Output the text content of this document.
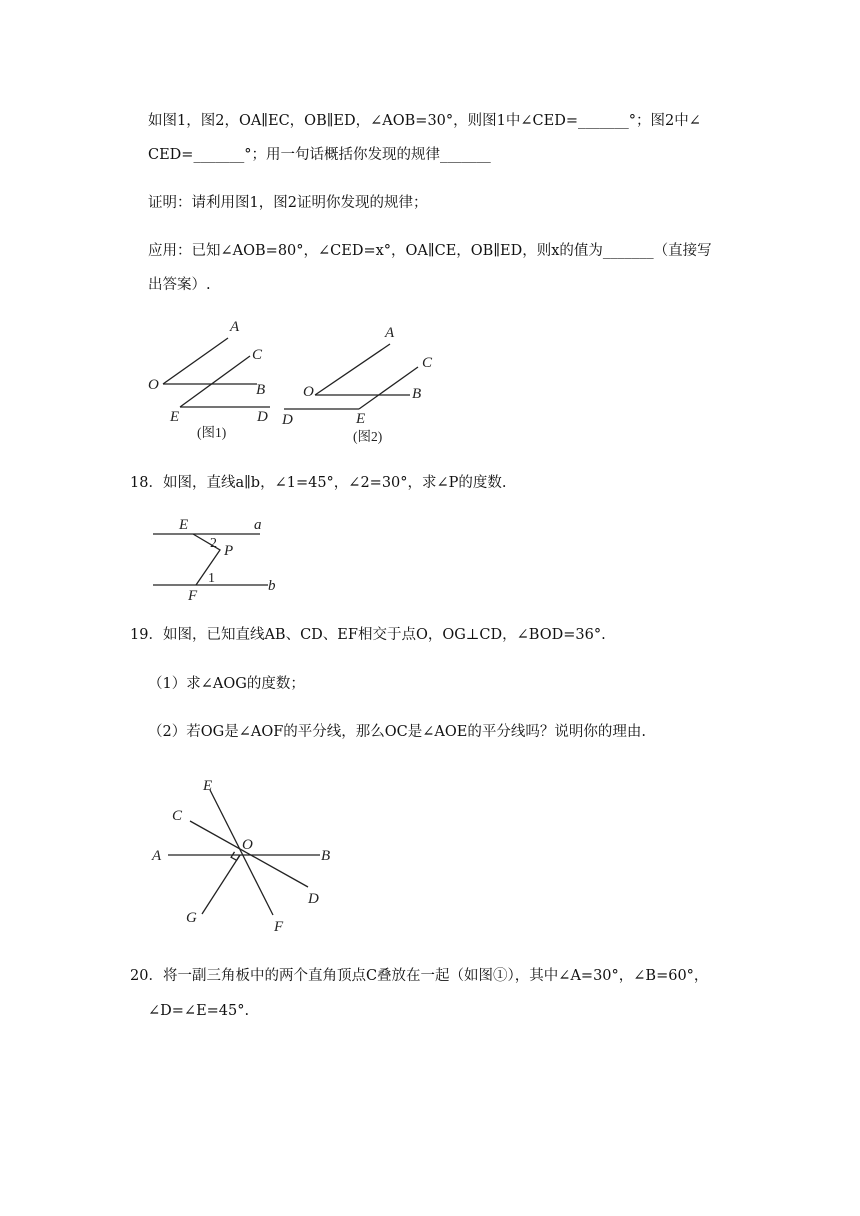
如图1，图2，OA∥EC，OB∥ED，∠AOB=30°，则图1中∠CED=_______°；图2中∠
CED=_______°；用一句话概括你发现的规律_______
证明：请利用图1，图2证明你发现的规律；
应用：已知∠AOB=80°，∠CED=x°，OA∥CE，OB∥ED，则x的值为_______（直接写
出答案）.
A
C
O	B
E	D
(图1)
A
C
O	B
D	E
(图2)
18．如图，直线a∥b，∠1=45°，∠2=30°，求∠P的度数.
E	a
2 P
1
F
b
19．如图，已知直线AB、CD、EF相交于点O，OG⊥CD，∠BOD=36°.
（1）求∠AOG的度数；
（2）若OG是∠AOF的平分线，那么OC是∠AOE的平分线吗？说明你的理由.
E
C
O
A	B
D
G
F
20．将一副三角板中的两个直角顶点C叠放在一起（如图①），其中∠A=30°，∠B=60°，
∠D=∠E=45°.
